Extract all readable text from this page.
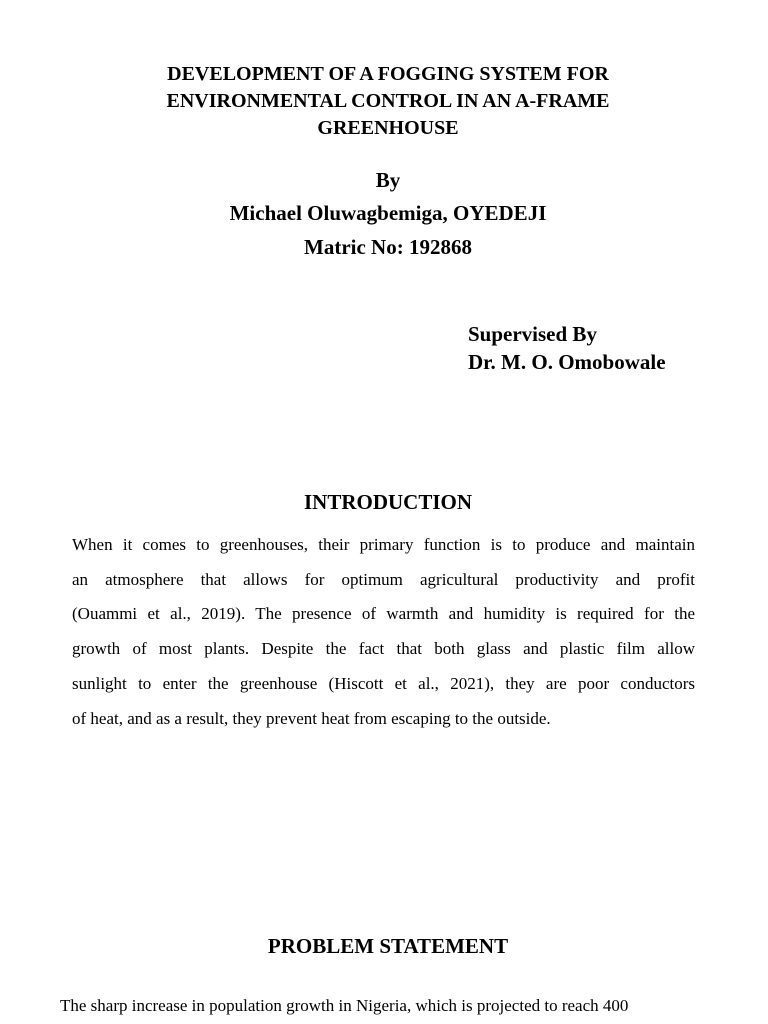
DEVELOPMENT OF A FOGGING SYSTEM FOR
ENVIRONMENTAL CONTROL IN AN A-FRAME
GREENHOUSE
By
Michael Oluwagbemiga, OYEDEJI
Matric No: 192868
Supervised By
Dr. M. O. Omobowale
INTRODUCTION
When it comes to greenhouses, their primary function is to produce and maintain
an atmosphere that allows for optimum agricultural productivity and profit
(Ouammi et al., 2019). The presence of warmth and humidity is required for the
growth of most plants. Despite the fact that both glass and plastic film allow
sunlight to enter the greenhouse (Hiscott et al., 2021), they are poor conductors
of heat, and as a result, they prevent heat from escaping to the outside.
PROBLEM STATEMENT
The sharp increase in population growth in Nigeria, which is projected to reach 400
